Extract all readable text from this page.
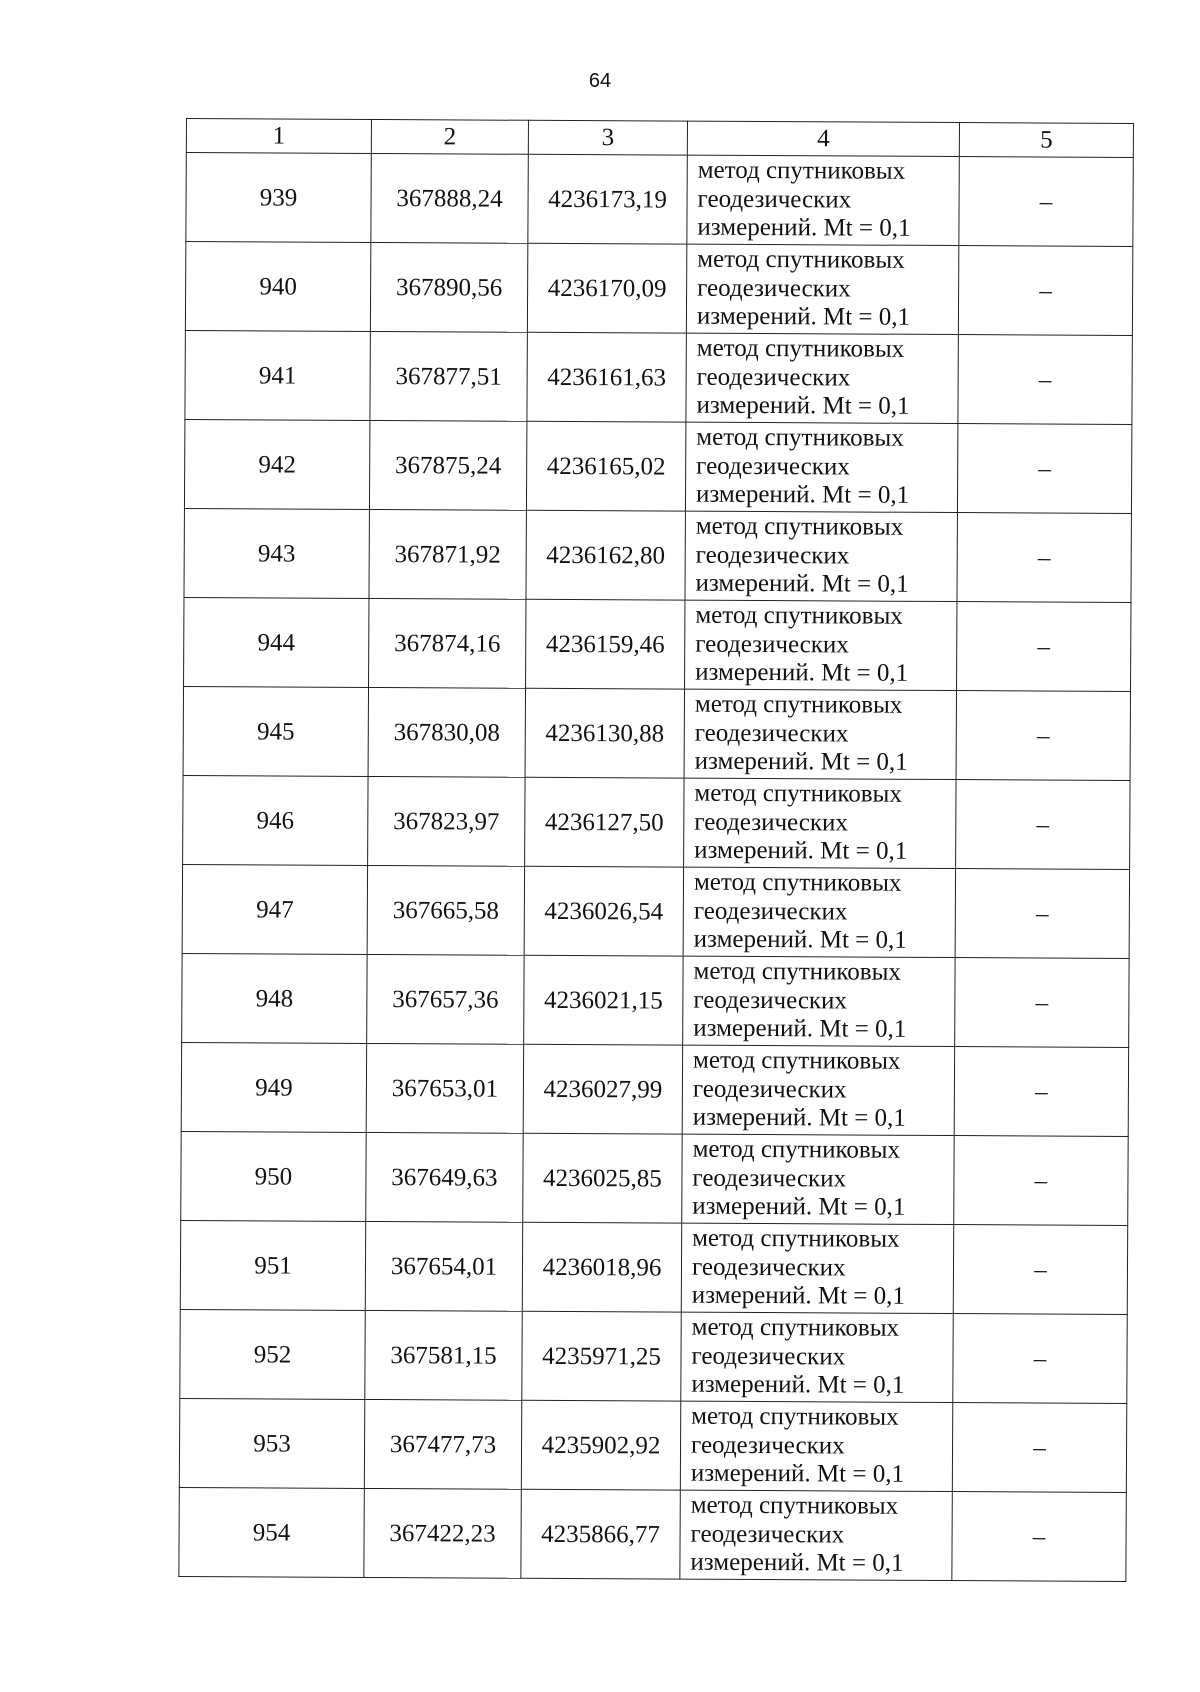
64
1	2	3	4	5
939	367888,24	4236173,19	метод спутниковых
геодезических
измерений. Mt = 0,1	–
940	367890,56	4236170,09	метод спутниковых
геодезических
измерений. Mt = 0,1	–
941	367877,51	4236161,63	метод спутниковых
геодезических
измерений. Mt = 0,1	–
942	367875,24	4236165,02	метод спутниковых
геодезических
измерений. Mt = 0,1	–
943	367871,92	4236162,80	метод спутниковых
геодезических
измерений. Mt = 0,1	–
944	367874,16	4236159,46	метод спутниковых
геодезических
измерений. Mt = 0,1	–
945	367830,08	4236130,88	метод спутниковых
геодезических
измерений. Mt = 0,1	–
946	367823,97	4236127,50	метод спутниковых
геодезических
измерений. Mt = 0,1	–
947	367665,58	4236026,54	метод спутниковых
геодезических
измерений. Mt = 0,1	–
948	367657,36	4236021,15	метод спутниковых
геодезических
измерений. Mt = 0,1	–
949	367653,01	4236027,99	метод спутниковых
геодезических
измерений. Mt = 0,1	–
950	367649,63	4236025,85	метод спутниковых
геодезических
измерений. Mt = 0,1	–
951	367654,01	4236018,96	метод спутниковых
геодезических
измерений. Mt = 0,1	–
952	367581,15	4235971,25	метод спутниковых
геодезических
измерений. Mt = 0,1	–
953	367477,73	4235902,92	метод спутниковых
геодезических
измерений. Mt = 0,1	–
954	367422,23	4235866,77	метод спутниковых
геодезических
измерений. Mt = 0,1	–
